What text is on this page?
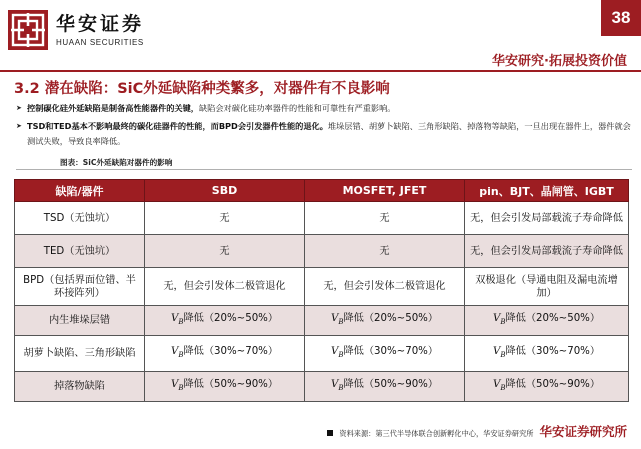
华安证券
HUAAN SECURITIES
38
华安研究·拓展投资价值
3.2 潜在缺陷：SiC外延缺陷种类繁多，对器件有不良影响
➤ 控制碳化硅外延缺陷是制备高性能器件的关键，缺陷会对碳化硅功率器件的性能和可靠性有严重影响。
➤ TSD和TED基本不影响最终的碳化硅器件的性能，而BPD会引发器件性能的退化。堆垛层错、胡萝卜缺陷、三角形缺陷、掉落物等缺陷，一旦出现在器件上，器件就会测试失败，导致良率降低。
图表：SiC外延缺陷对器件的影响
缺陷/器件	SBD	MOSFET, JFET	pin、BJT、晶闸管、IGBT
TSD（无蚀坑）	无	无	无，但会引发局部载流子寿命降低
TED（无蚀坑）	无	无	无，但会引发局部载流子寿命降低
BPD（包括界面位错、半环接阵列）	无，但会引发体二极管退化	无，但会引发体二极管退化	双极退化（导通电阻及漏电流增加）
内生堆垛层错	$V_B$降低（20%~50%）	$V_B$降低（20%~50%）	$V_B$降低（20%~50%）
胡萝卜缺陷、三角形缺陷	$V_B$降低（30%~70%）	$V_B$降低（30%~70%）	$V_B$降低（30%~70%）
掉落物缺陷	$V_B$降低（50%~90%）	$V_B$降低（50%~90%）	$V_B$降低（50%~90%）
资料来源：第三代半导体联合创新孵化中心，华安证券研究所 华安证券研究所
